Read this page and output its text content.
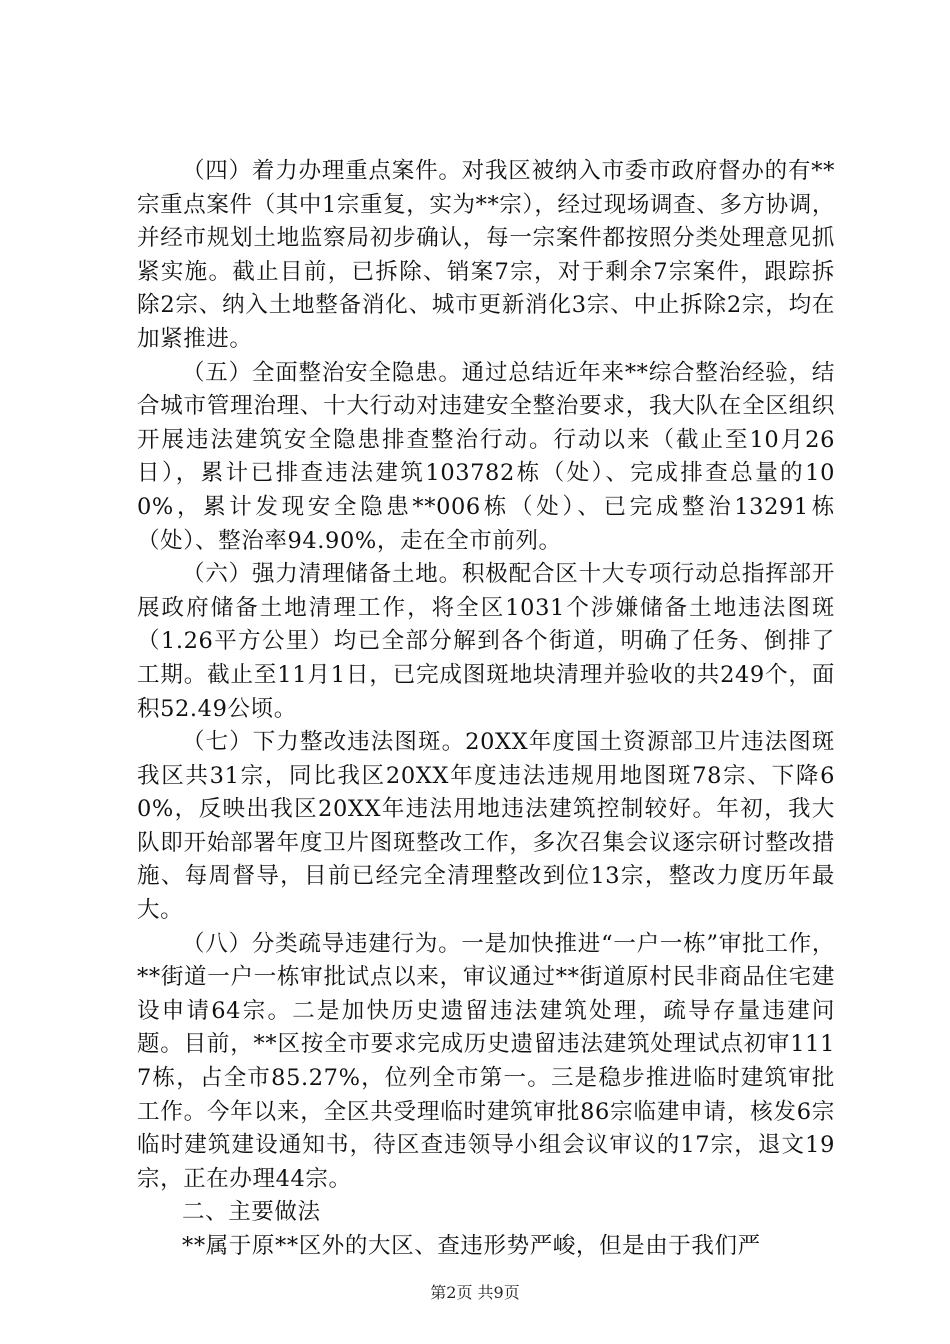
（四）着力办理重点案件。对我区被纳入市委市政府督办的有**宗重点案件（其中1宗重复，实为**宗），经过现场调查、多方协调，并经市规划土地监察局初步确认，每一宗案件都按照分类处理意见抓紧实施。截止目前，已拆除、销案7宗，对于剩余7宗案件，跟踪拆除2宗、纳入土地整备消化、城市更新消化3宗、中止拆除2宗，均在加紧推进。

（五）全面整治安全隐患。通过总结近年来**综合整治经验，结合城市管理治理、十大行动对违建安全整治要求，我大队在全区组织开展违法建筑安全隐患排查整治行动。行动以来（截止至10月26日），累计已排查违法建筑103782栋（处）、完成排查总量的100%，累计发现安全隐患**006栋（处）、已完成整治13291栋（处）、整治率94.90%，走在全市前列。

（六）强力清理储备土地。积极配合区十大专项行动总指挥部开展政府储备土地清理工作，将全区1031个涉嫌储备土地违法图斑（1.26平方公里）均已全部分解到各个街道，明确了任务、倒排了工期。截止至11月1日，已完成图斑地块清理并验收的共249个，面积52.49公顷。

（七）下力整改违法图斑。20XX年度国土资源部卫片违法图斑我区共31宗，同比我区20XX年度违法违规用地图斑78宗、下降60%，反映出我区20XX年违法用地违法建筑控制较好。年初，我大队即开始部署年度卫片图斑整改工作，多次召集会议逐宗研讨整改措施、每周督导，目前已经完全清理整改到位13宗，整改力度历年最大。

（八）分类疏导违建行为。一是加快推进“一户一栋”审批工作，**街道一户一栋审批试点以来，审议通过**街道原村民非商品住宅建设申请64宗。二是加快历史遗留违法建筑处理，疏导存量违建问题。目前，**区按全市要求完成历史遗留违法建筑处理试点初审1117栋，占全市85.27%，位列全市第一。三是稳步推进临时建筑审批工作。今年以来，全区共受理临时建筑审批86宗临建申请，核发6宗临时建筑建设通知书，待区查违领导小组会议审议的17宗，退文19宗，正在办理44宗。

二、主要做法

**属于原**区外的大区、查违形势严峻，但是由于我们严

第2页 共9页
